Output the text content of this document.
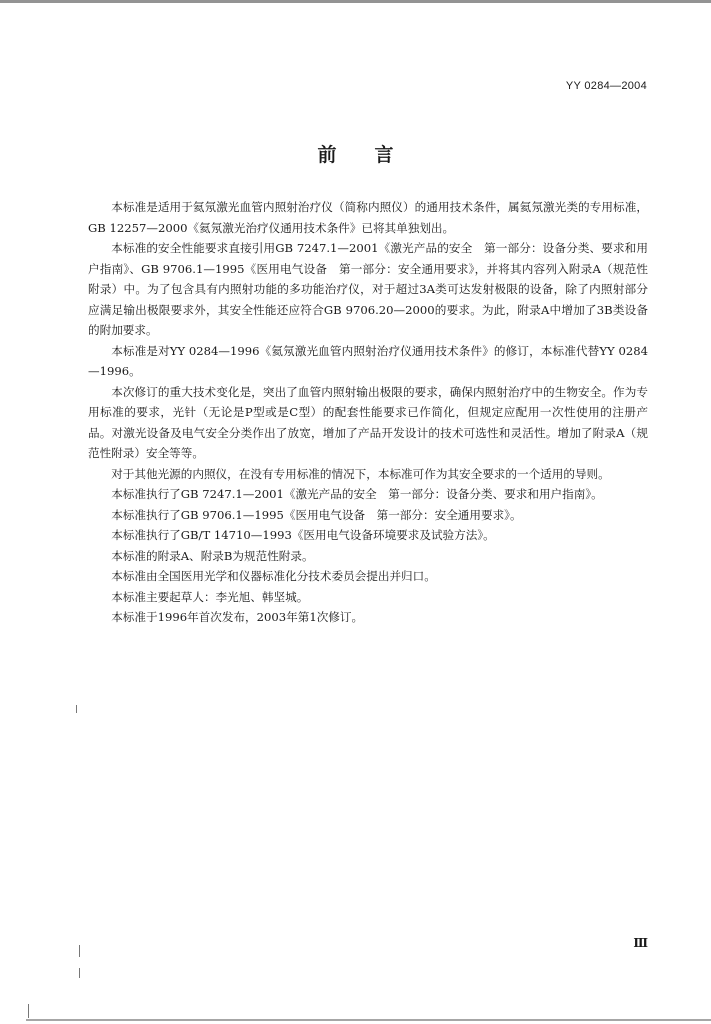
YY 0284—2004
前言

本标准是适用于氦氖激光血管内照射治疗仪（简称内照仪）的通用技术条件，属氦氖激光类的专用标准，GB 12257—2000《氦氖激光治疗仪通用技术条件》已将其单独划出。

本标准的安全性能要求直接引用GB 7247.1—2001《激光产品的安全　第一部分：设备分类、要求和用户指南》、GB 9706.1—1995《医用电气设备　第一部分：安全通用要求》，并将其内容列入附录A（规范性附录）中。为了包含具有内照射功能的多功能治疗仪，对于超过3A类可达发射极限的设备，除了内照射部分应满足输出极限要求外，其安全性能还应符合GB 9706.20—2000的要求。为此，附录A中增加了3B类设备的附加要求。

本标准是对YY 0284—1996《氦氖激光血管内照射治疗仪通用技术条件》的修订，本标准代替YY 0284—1996。

本次修订的重大技术变化是，突出了血管内照射输出极限的要求，确保内照射治疗中的生物安全。作为专用标准的要求，光针（无论是P型或是C型）的配套性能要求已作简化，但规定应配用一次性使用的注册产品。对激光设备及电气安全分类作出了放宽，增加了产品开发设计的技术可选性和灵活性。增加了附录A（规范性附录）安全等等。

对于其他光源的内照仪，在没有专用标准的情况下，本标准可作为其安全要求的一个适用的导则。

本标准执行了GB 7247.1—2001《激光产品的安全　第一部分：设备分类、要求和用户指南》。

本标准执行了GB 9706.1—1995《医用电气设备　第一部分：安全通用要求》。

本标准执行了GB/T 14710—1993《医用电气设备环境要求及试验方法》。

本标准的附录A、附录B为规范性附录。

本标准由全国医用光学和仪器标准化分技术委员会提出并归口。

本标准主要起草人：李光旭、韩坚城。

本标准于1996年首次发布，2003年第1次修订。

Ⅲ
